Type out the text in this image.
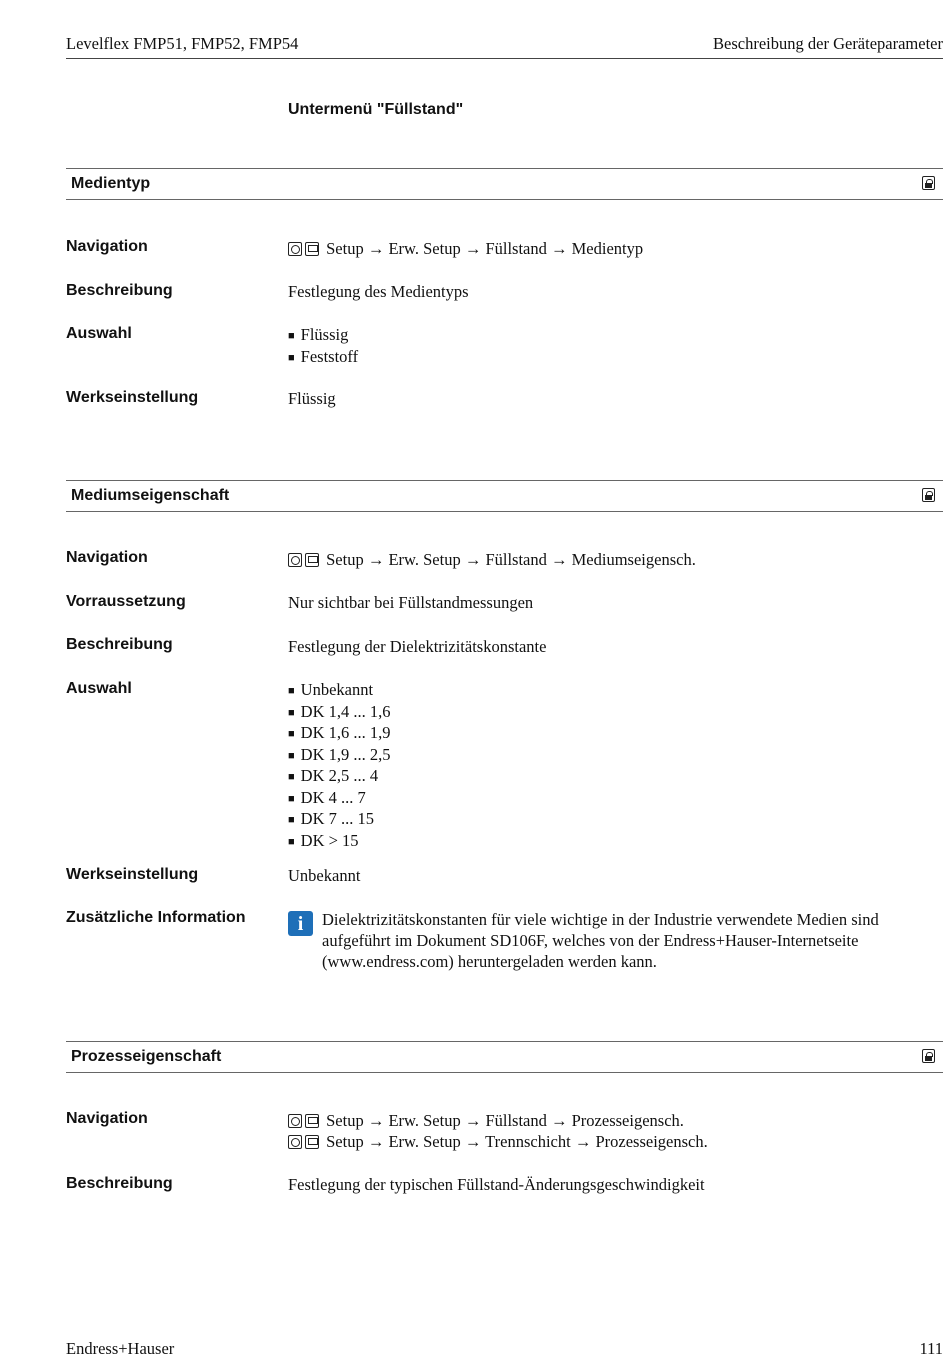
Levelflex FMP51, FMP52, FMP54	Beschreibung der Geräteparameter
Untermenü "Füllstand"
Medientyp
Navigation	Setup → Erw. Setup → Füllstand → Medientyp
Beschreibung	Festlegung des Medientyps
Auswahl	■ Flüssig
■ Feststoff
Werkseinstellung	Flüssig
Mediumseigenschaft
Navigation	Setup → Erw. Setup → Füllstand → Mediumseigensch.
Vorraussetzung	Nur sichtbar bei Füllstandmessungen
Beschreibung	Festlegung der Dielektrizitätskonstante
Auswahl	■ Unbekannt
■ DK 1,4 ... 1,6
■ DK 1,6 ... 1,9
■ DK 1,9 ... 2,5
■ DK 2,5 ... 4
■ DK 4 ... 7
■ DK 7 ... 15
■ DK > 15
Werkseinstellung	Unbekannt
Zusätzliche Information	i	Dielektrizitätskonstanten für viele wichtige in der Industrie verwendete Medien sind aufgeführt im Dokument SD106F, welches von der Endress+Hauser-Internetseite (www.endress.com) heruntergeladen werden kann.
Prozesseigenschaft
Navigation	Setup → Erw. Setup → Füllstand → Prozesseigensch.
Setup → Erw. Setup → Trennschicht → Prozesseigensch.
Beschreibung	Festlegung der typischen Füllstand-Änderungsgeschwindigkeit
Endress+Hauser	111
